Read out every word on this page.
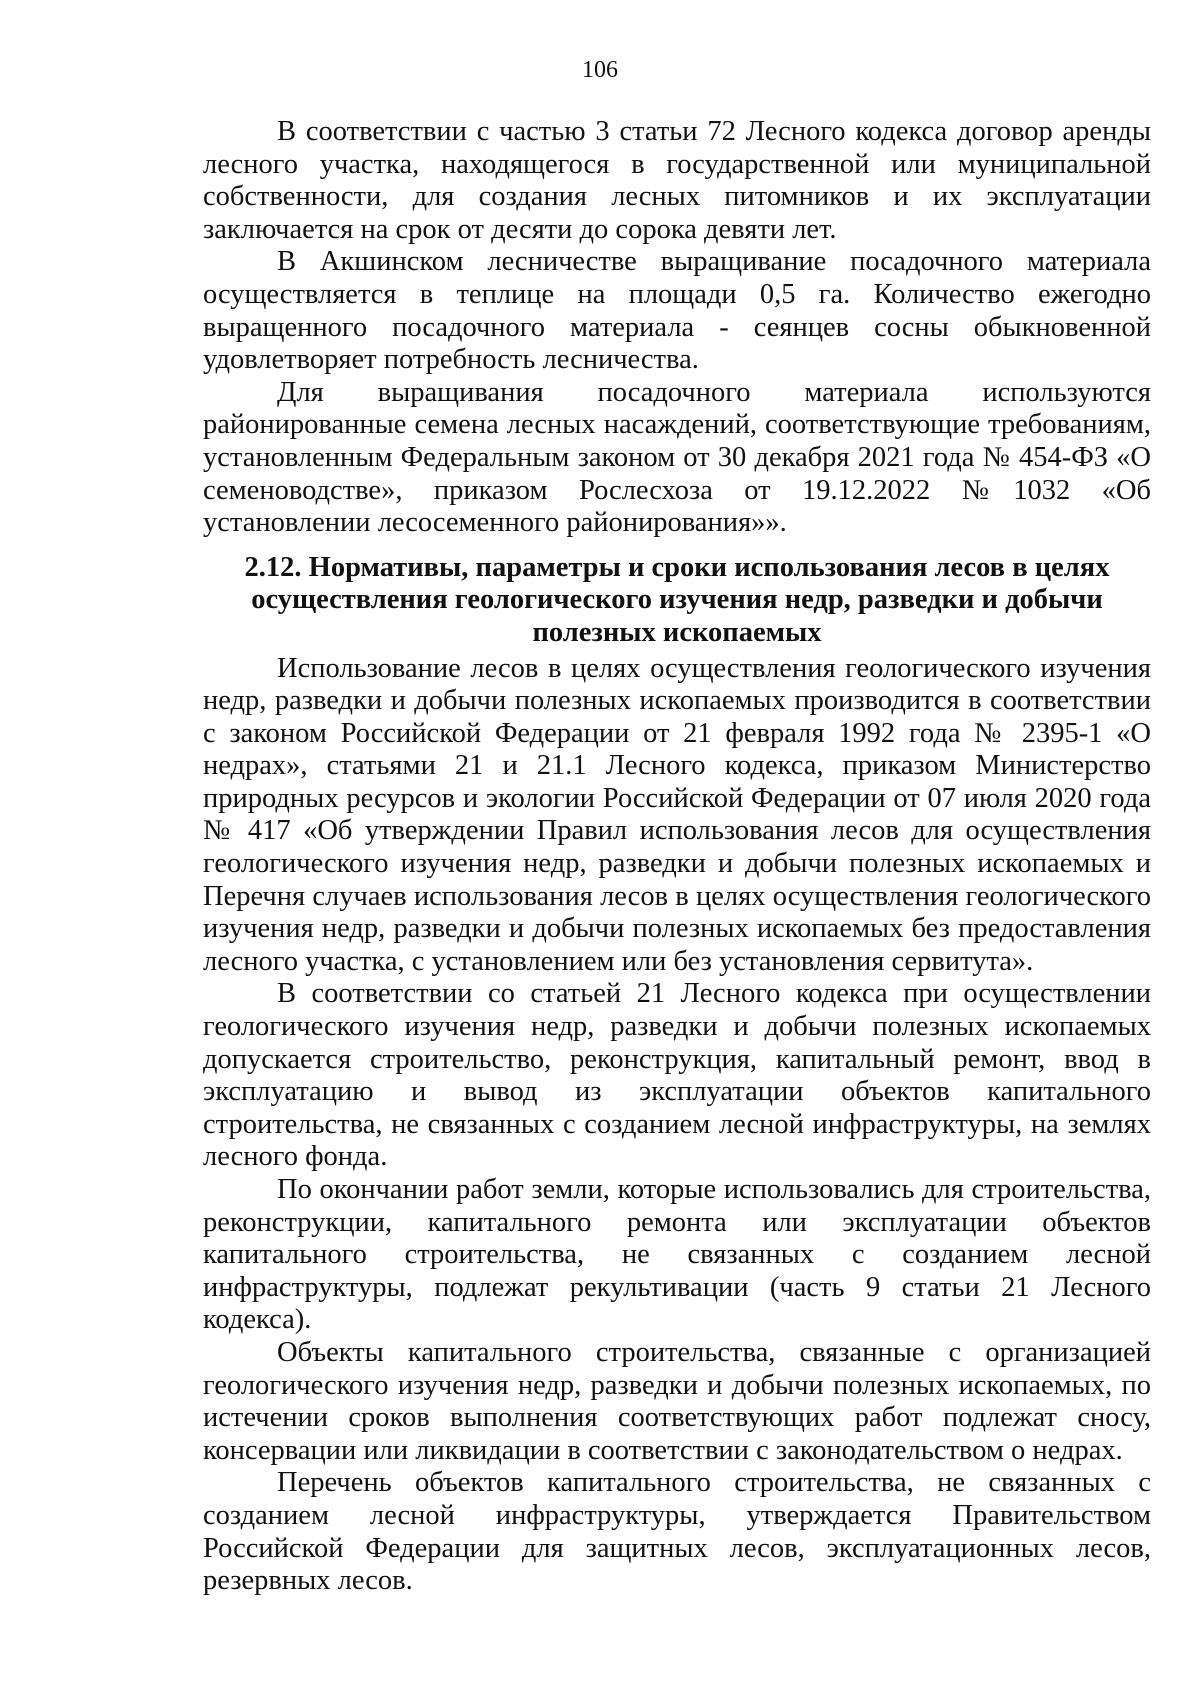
106

В соответствии с частью 3 статьи 72 Лесного кодекса договор аренды лесного участка, находящегося в государственной или муниципальной собственности, для создания лесных питомников и их эксплуатации заключается на срок от десяти до сорока девяти лет.

В Акшинском лесничестве выращивание посадочного материала осуществляется в теплице на площади 0,5 га. Количество ежегодно выращенного посадочного материала - сеянцев сосны обыкновенной удовлетворяет потребность лесничества.

Для выращивания посадочного материала используются районированные семена лесных насаждений, соответствующие требованиям, установленным Федеральным законом от 30 декабря 2021 года № 454-ФЗ «О семеноводстве», приказом Рослесхоза от 19.12.2022 №1032 «Об установлении лесосеменного районирования»».

2.12. Нормативы, параметры и сроки использования лесов в целях осуществления геологического изучения недр, разведки и добычи полезных ископаемых

Использование лесов в целях осуществления геологического изучения недр, разведки и добычи полезных ископаемых производится в соответствии с законом Российской Федерации от 21 февраля 1992 года № 2395-1 «О недрах», статьями 21 и 21.1 Лесного кодекса, приказом Министерство природных ресурсов и экологии Российской Федерации от 07 июля 2020 года № 417 «Об утверждении Правил использования лесов для осуществления геологического изучения недр, разведки и добычи полезных ископаемых и Перечня случаев использования лесов в целях осуществления геологического изучения недр, разведки и добычи полезных ископаемых без предоставления лесного участка, с установлением или без установления сервитута».

В соответствии со статьей 21 Лесного кодекса при осуществлении геологического изучения недр, разведки и добычи полезных ископаемых допускается строительство, реконструкция, капитальный ремонт, ввод в эксплуатацию и вывод из эксплуатации объектов капитального строительства, не связанных с созданием лесной инфраструктуры, на землях лесного фонда.

По окончании работ земли, которые использовались для строительства, реконструкции, капитального ремонта или эксплуатации объектов капитального строительства, не связанных с созданием лесной инфраструктуры, подлежат рекультивации (часть 9 статьи 21 Лесного кодекса).

Объекты капитального строительства, связанные с организацией геологического изучения недр, разведки и добычи полезных ископаемых, по истечении сроков выполнения соответствующих работ подлежат сносу, консервации или ликвидации в соответствии с законодательством о недрах.

Перечень объектов капитального строительства, не связанных с созданием лесной инфраструктуры, утверждается Правительством Российской Федерации для защитных лесов, эксплуатационных лесов, резервных лесов.
